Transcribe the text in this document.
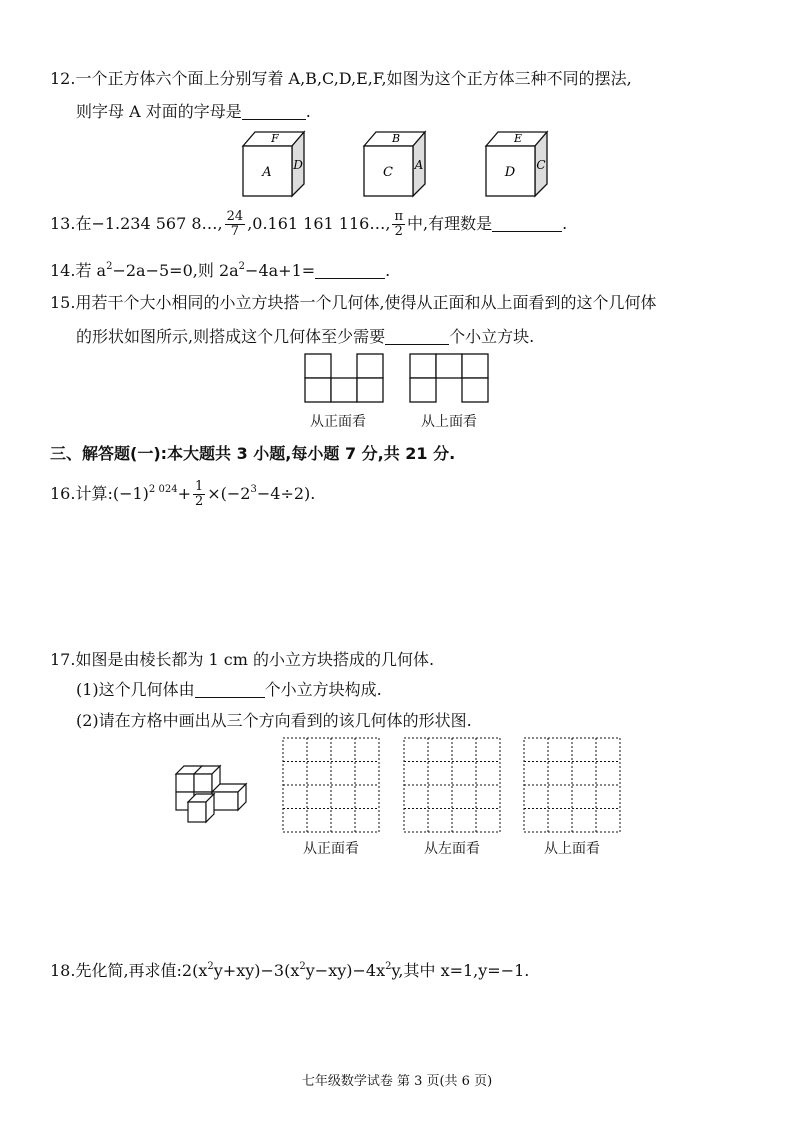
12.一个正方体六个面上分别写着 A,B,C,D,E,F,如图为这个正方体三种不同的摆法,
则字母 A 对面的字母是	.
F
A D
B
C A
E
D C
13.在−1.234 567 8…, $\frac{24}{7} ,0.161$ 161 116…, $\frac{\pi}{2}$ 中,有理数是	.
14.若 $a^2-2a-5=0$,则 $2a^2-4a+1=$	.
15.用若干个大小相同的小立方块搭一个几何体,使得从正面和从上面看到的这个几何体
的形状如图所示,则搭成这个几何体至少需要	个小立方块.
从正面看	从上面看
三、解答题(一):本大题共 3 小题,每小题 7 分,共 21 分.
16.计算$:(-1)^{2 024}+ \frac{1}{2} \times(-2^3-4\div 2)$.
17.如图是由棱长都为 1 cm 的小立方块搭成的几何体.
(1)这个几何体由	个小立方块构成.
(2)请在方格中画出从三个方向看到的该几何体的形状图.
从正面看	从左面看	从上面看
18.先化简,再求值$:2(x^2y+xy)-3(x^2y-xy)-4x^2y$,其中 x=1,y=−1.
七年级数学试卷 第 3 页(共 6 页)
